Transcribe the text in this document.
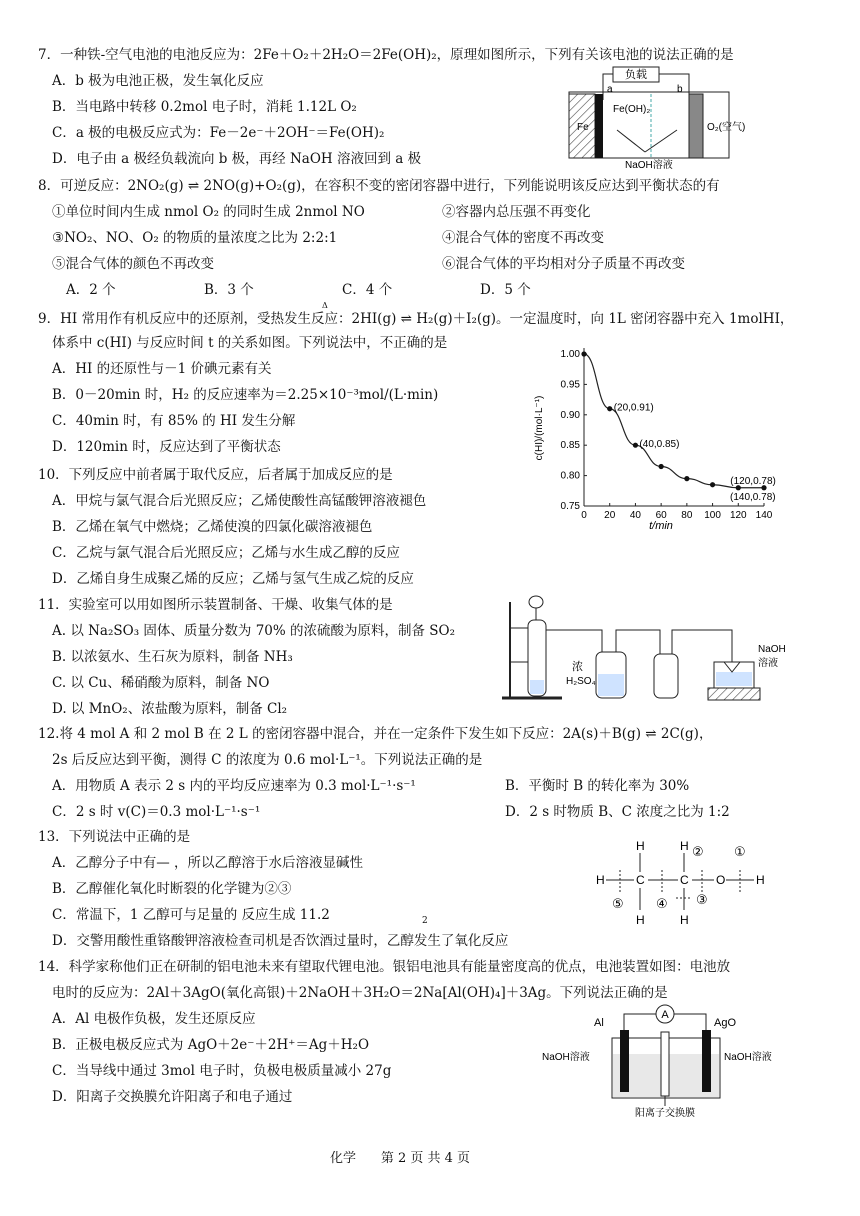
7．一种铁-空气电池的电池反应为：2Fe＋O₂＋2H₂O＝2Fe(OH)₂，原理如图所示，下列有关该电池的说法正确的是
A．b 极为电池正极，发生氧化反应
B．当电路中转移 0.2mol 电子时，消耗 1.12L O₂
C．a 极的电极反应式为：Fe－2e⁻＋2OH⁻＝Fe(OH)₂
D．电子由 a 极经负载流向 b 极，再经 NaOH 溶液回到 a 极
负载
a	b
Fe
Fe(OH)₂
O₂(空气)
NaOH溶液
8．可逆反应：2NO₂(g) ⇌ 2NO(g)+O₂(g)，在容积不变的密闭容器中进行，下列能说明该反应达到平衡状态的有
①单位时间内生成 nmol O₂ 的同时生成 2nmol NO	②容器内总压强不再变化
③NO₂、NO、O₂ 的物质的量浓度之比为 2:2:1	④混合气体的密度不再改变
⑤混合气体的颜色不再改变	⑥混合气体的平均相对分子质量不再改变
A．2 个	B．3 个	C．4 个	D．5 个
Δ
9．HI 常用作有机反应中的还原剂，受热发生反应：2HI(g) ⇌ H₂(g)＋I₂(g)。一定温度时，向 1L 密闭容器中充入 1molHI，
体系中 c(HI) 与反应时间 t 的关系如图。下列说法中，不正确的是
A．HI 的还原性与－1 价碘元素有关
B．0－20min 时，H₂ 的反应速率为＝2.25×10⁻³mol/(L·min)
C．40min 时，有 85% 的 HI 发生分解
D．120min 时，反应达到了平衡状态
0 20 40 60 80 100 120 140
0.75
0.80
0.85
0.90
0.95
1.00
(20,0.91)
(40,0.85)
(120,0.78)
(140,0.78)
t/min
c(HI)/(mol·L⁻¹)
10．下列反应中前者属于取代反应，后者属于加成反应的是
A．甲烷与氯气混合后光照反应；乙烯使酸性高锰酸钾溶液褪色
B．乙烯在氧气中燃烧；乙烯使溴的四氯化碳溶液褪色
C．乙烷与氯气混合后光照反应；乙烯与水生成乙醇的反应
D．乙烯自身生成聚乙烯的反应；乙烯与氢气生成乙烷的反应
11．实验室可以用如图所示装置制备、干燥、收集气体的是
A. 以 Na₂SO₃ 固体、质量分数为 70% 的浓硫酸为原料，制备 SO₂
B. 以浓氨水、生石灰为原料，制备 NH₃
C. 以 Cu、稀硝酸为原料，制备 NO
D. 以 MnO₂、浓盐酸为原料，制备 Cl₂
浓
H₂SO₄
NaOH
溶液
12.将 4 mol A 和 2 mol B 在 2 L 的密闭容器中混合，并在一定条件下发生如下反应：2A(s)＋B(g) ⇌ 2C(g)，
2s 后反应达到平衡，测得 C 的浓度为 0.6 mol·L⁻¹。下列说法正确的是
A．用物质 A 表示 2 s 内的平均反应速率为 0.3 mol·L⁻¹·s⁻¹	B．平衡时 B 的转化率为 30%
C．2 s 时 v(C)＝0.3 mol·L⁻¹·s⁻¹	D．2 s 时物质 B、C 浓度之比为 1:2
13．下列说法中正确的是
A．乙醇分子中有— ，所以乙醇溶于水后溶液显碱性
B．乙醇催化氧化时断裂的化学键为②③
C．常温下，1 乙醇可与足量的 反应生成 11.2	2
D．交警用酸性重铬酸钾溶液检查司机是否饮酒过量时，乙醇发生了氧化反应
H	H
H	C	C O	H
H	H
② ①
③
④
⑤
14．科学家称他们正在研制的铝电池未来有望取代锂电池。银铝电池具有能量密度高的优点，电池装置如图：电池放
电时的反应为：2Al＋3AgO(氧化高银)＋2NaOH＋3H₂O＝2Na[Al(OH)₄]＋3Ag。下列说法正确的是
A．Al 电极作负极，发生还原反应
B．正极电极反应式为 AgO＋2e⁻＋2H⁺＝Ag＋H₂O
C．当导线中通过 3mol 电子时，负极电极质量减小 27g
D．阳离子交换膜允许阳离子和电子通过
A
Al	AgO
NaOH溶液	NaOH溶液
阳离子交换膜
化学 第 2 页 共 4 页
